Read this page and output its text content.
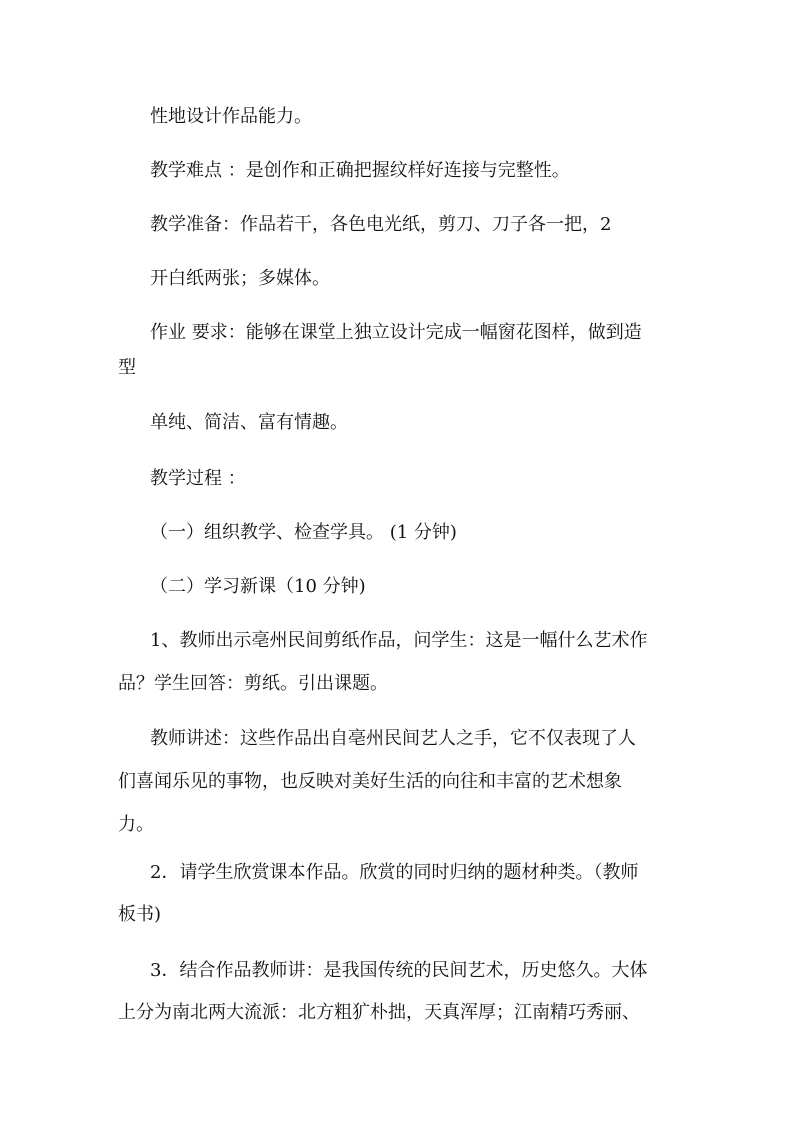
性地设计作品能力。
教学难点 ：是创作和正确把握纹样好连接与完整性。
教学准备：作品若干，各色电光纸，剪刀、刀子各一把，2
开白纸两张；多媒体。
作业 要求：能够在课堂上独立设计完成一幅窗花图样，做到造
型
单纯、简洁、富有情趣。
教学过程 ：
（一）组织教学、检查学具。 (1 分钟)
（二）学习新课（10 分钟)
1、教师出示亳州民间剪纸作品，问学生：这是一幅什么艺术作
品？学生回答：剪纸。引出课题。
教师讲述：这些作品出自亳州民间艺人之手，它不仅表现了人
们喜闻乐见的事物，也反映对美好生活的向往和丰富的艺术想象
力。
2．请学生欣赏课本作品。欣赏的同时归纳的题材种类。（教师
板书)
3．结合作品教师讲：是我国传统的民间艺术，历史悠久。大体
上分为南北两大流派：北方粗犷朴拙，天真浑厚；江南精巧秀丽、
